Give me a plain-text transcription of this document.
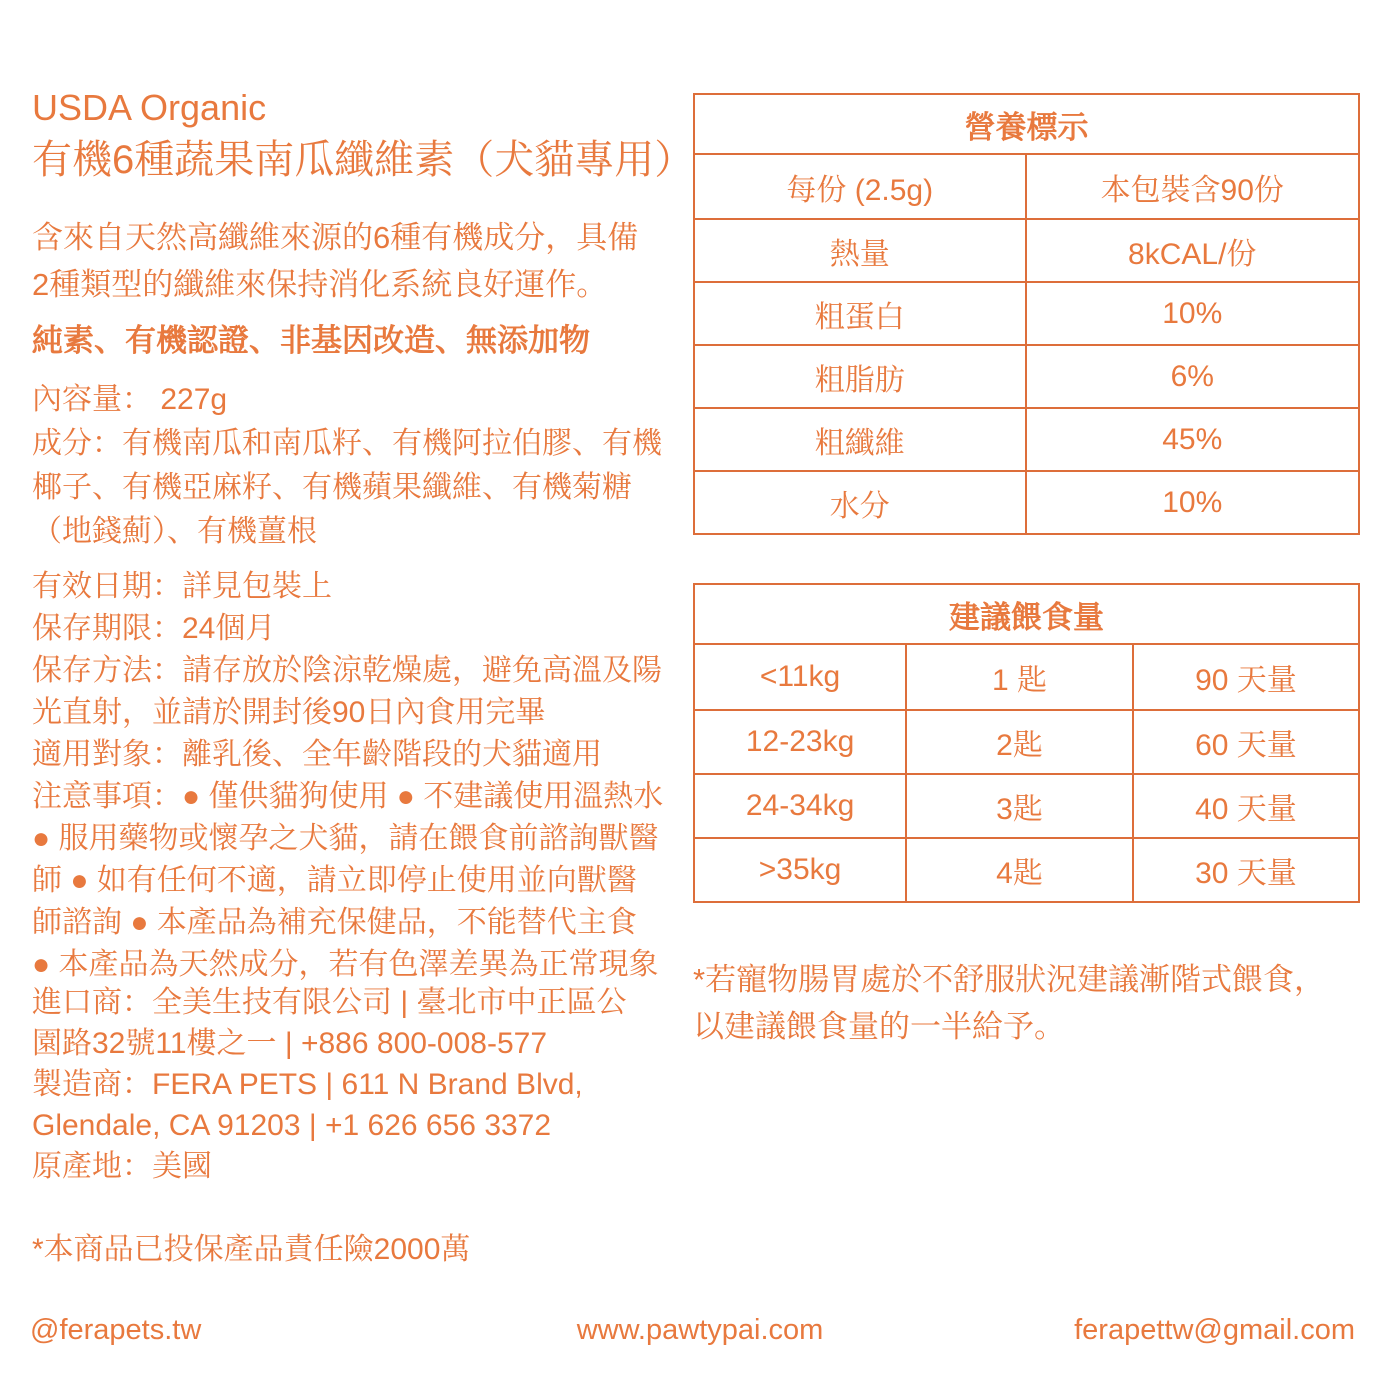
USDA Organic
有機6種蔬果南瓜纖維素（犬貓專用）
含來自天然高纖維來源的6種有機成分，具備
2種類型的纖維來保持消化系統良好運作。
純素、有機認證、非基因改造、無添加物
內容量： 227g
成分：有機南瓜和南瓜籽、有機阿拉伯膠、有機
椰子、有機亞麻籽、有機蘋果纖維、有機菊糖
（地錢薊）、有機薑根
有效日期：詳見包裝上
保存期限：24個月
保存方法：請存放於陰涼乾燥處，避免高溫及陽
光直射，並請於開封後90日內食用完畢
適用對象：離乳後、全年齡階段的犬貓適用
注意事項：● 僅供貓狗使用 ● 不建議使用溫熱水
● 服用藥物或懷孕之犬貓，請在餵食前諮詢獸醫
師 ● 如有任何不適，請立即停止使用並向獸醫
師諮詢 ● 本產品為補充保健品，不能替代主食
● 本產品為天然成分，若有色澤差異為正常現象
進口商：全美生技有限公司 | 臺北市中正區公
園路32號11樓之一 | +886 800-008-577
製造商：FERA PETS | 611 N Brand Blvd,
Glendale, CA 91203 | +1 626 656 3372
原產地：美國
*本商品已投保產品責任險2000萬
營養標示
每份 (2.5g)	本包裝含90份
熱量	8kCAL/份
粗蛋白	10%
粗脂肪	6%
粗纖維	45%
水分	10%
建議餵食量
<11kg	1 匙	90 天量
12-23kg	2匙	60 天量
24-34kg	3匙	40 天量
>35kg	4匙	30 天量
*若寵物腸胃處於不舒服狀況建議漸階式餵食，
以建議餵食量的一半給予。
@ferapets.tw	www.pawtypai.com	ferapettw@gmail.com
